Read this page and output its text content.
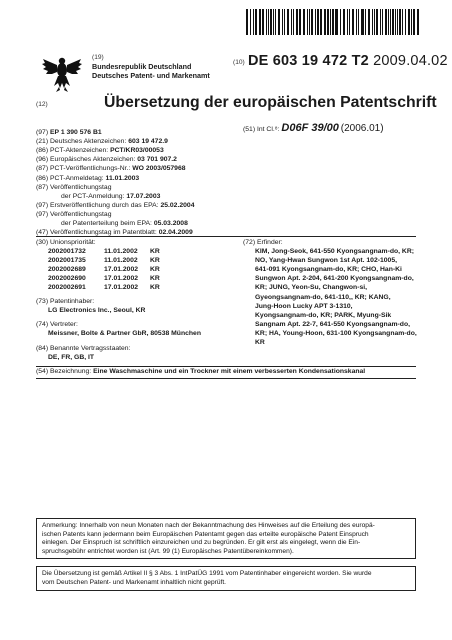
(19)
Bundesrepublik Deutschland
Deutsches Patent- und Markenamt
(10) DE 603 19 472 T2 2009.04.02
(12)	Übersetzung der europäischen Patentschrift
(97) EP 1 390 576 B1
(21) Deutsches Aktenzeichen: 603 19 472.9
(86) PCT-Aktenzeichen: PCT/KR03/00053
(96) Europäisches Aktenzeichen: 03 701 907.2
(87) PCT-Veröffentlichungs-Nr.: WO 2003/057968
(86) PCT-Anmeldetag: 11.01.2003
(87) Veröffentlichungstag
der PCT-Anmeldung: 17.07.2003
(97) Erstveröffentlichung durch das EPA: 25.02.2004
(97) Veröffentlichungstag
der Patenterteilung beim EPA: 05.03.2008
(47) Veröffentlichungstag im Patentblatt: 02.04.2009
(51) Int Cl.⁸: D06F 39/00 (2006.01)
(30) Unionspriorität:
2002001732	11.01.2002 KR
2002001735	11.01.2002 KR
2002002689	17.01.2002 KR
2002002690	17.01.2002 KR
2002002691	17.01.2002 KR
(73) Patentinhaber:
LG Electronics Inc., Seoul, KR
(74) Vertreter:
Meissner, Bolte & Partner GbR, 80538 München
(84) Benannte Vertragsstaaten:
DE, FR, GB, IT
(72) Erfinder:
KIM, Jong-Seok, 641-550 Kyongsangnam-do, KR;
NO, Yang-Hwan Sungwon 1st Apt. 102-1005,
641-091 Kyongsangnam-do, KR; CHO, Han-Ki
Sungwon Apt. 2-204, 641-200 Kyongsangnam-do,
KR; JUNG, Yeon-Su, Changwon-si,
Gyeongsangnam-do, 641-110,, KR; KANG,
Jung-Hoon Lucky APT 3-1310,
Kyongsangnam-do, KR; PARK, Myung-Sik
Sangnam Apt. 22-7, 641-550 Kyongsangnam-do,
KR; HA, Young-Hoon, 631-100 Kyongsangnam-do,
KR
(54) Bezeichnung: Eine Waschmaschine und ein Trockner mit einem verbesserten Kondensationskanal
Anmerkung: Innerhalb von neun Monaten nach der Bekanntmachung des Hinweises auf die Erteilung des europä-
ischen Patents kann jedermann beim Europäischen Patentamt gegen das erteilte europäische Patent Einspruch
einlegen. Der Einspruch ist schriftlich einzureichen und zu begründen. Er gilt erst als eingelegt, wenn die Ein-
spruchsgebühr entrichtet worden ist (Art. 99 (1) Europäisches Patentübereinkommen).
Die Übersetzung ist gemäß Artikel II § 3 Abs. 1 IntPatÜG 1991 vom Patentinhaber eingereicht worden. Sie wurde
vom Deutschen Patent- und Markenamt inhaltlich nicht geprüft.
